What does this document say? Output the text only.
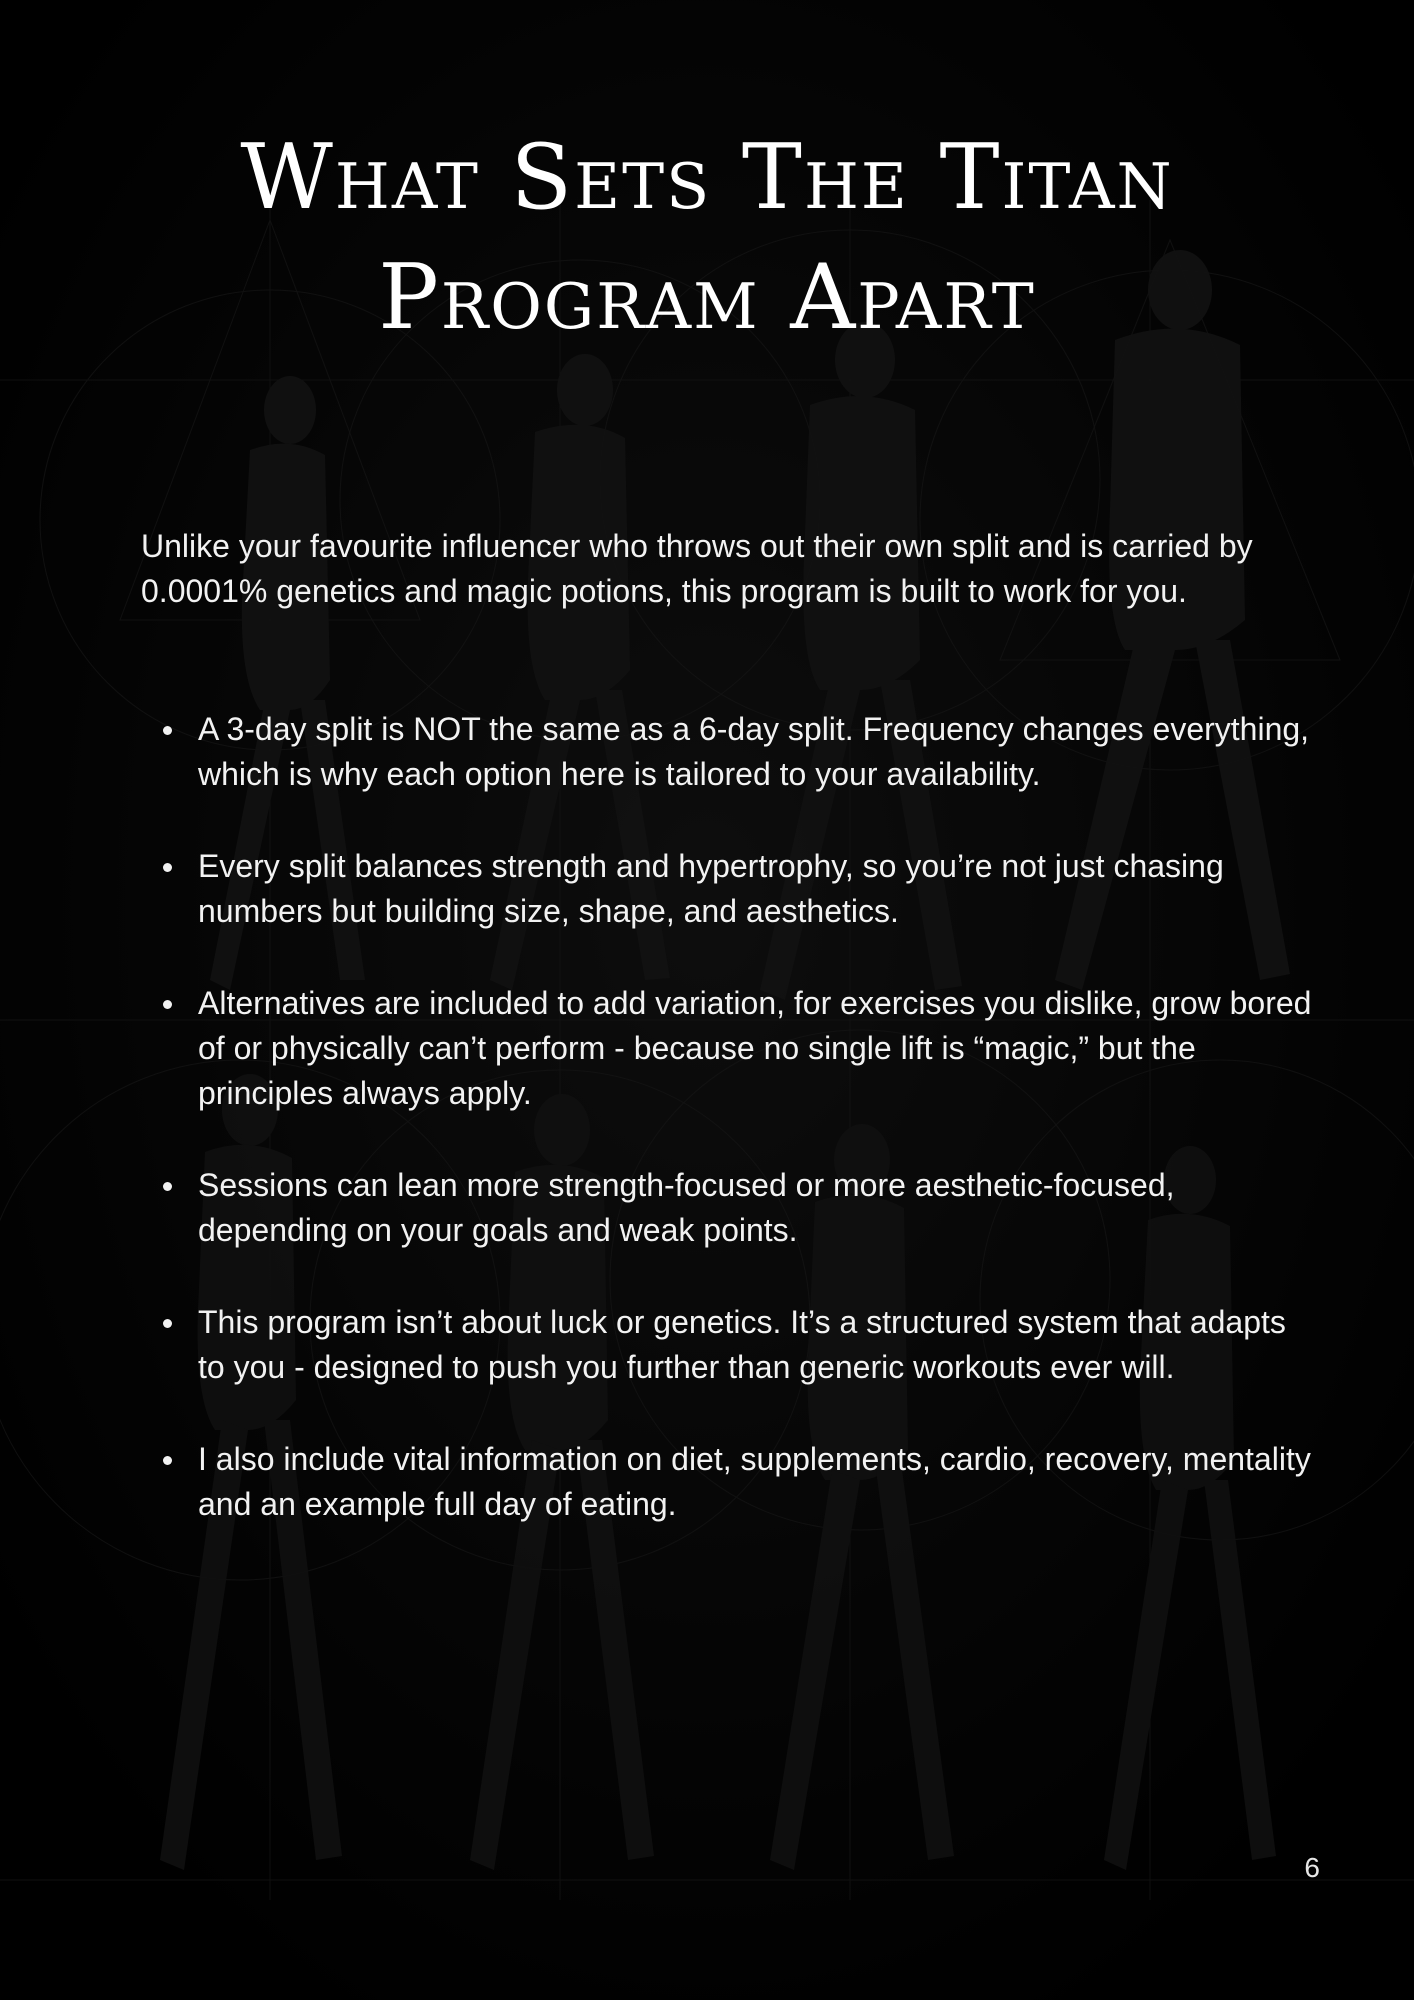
What Sets The Titan
Program Apart

Unlike your favourite influencer who throws out their own split and is carried by 0.0001% genetics and magic potions, this program is built to work for you.

A 3-day split is NOT the same as a 6-day split. Frequency changes everything, which is why each option here is tailored to your availability.
Every split balances strength and hypertrophy, so you’re not just chasing numbers but building size, shape, and aesthetics.
Alternatives are included to add variation, for exercises you dislike, grow bored of or physically can’t perform - because no single lift is “magic,” but the principles always apply.
Sessions can lean more strength-focused or more aesthetic-focused, depending on your goals and weak points.
This program isn’t about luck or genetics. It’s a structured system that adapts to you - designed to push you further than generic workouts ever will.
I also include vital information on diet, supplements, cardio, recovery, mentality and an example full day of eating.
6
